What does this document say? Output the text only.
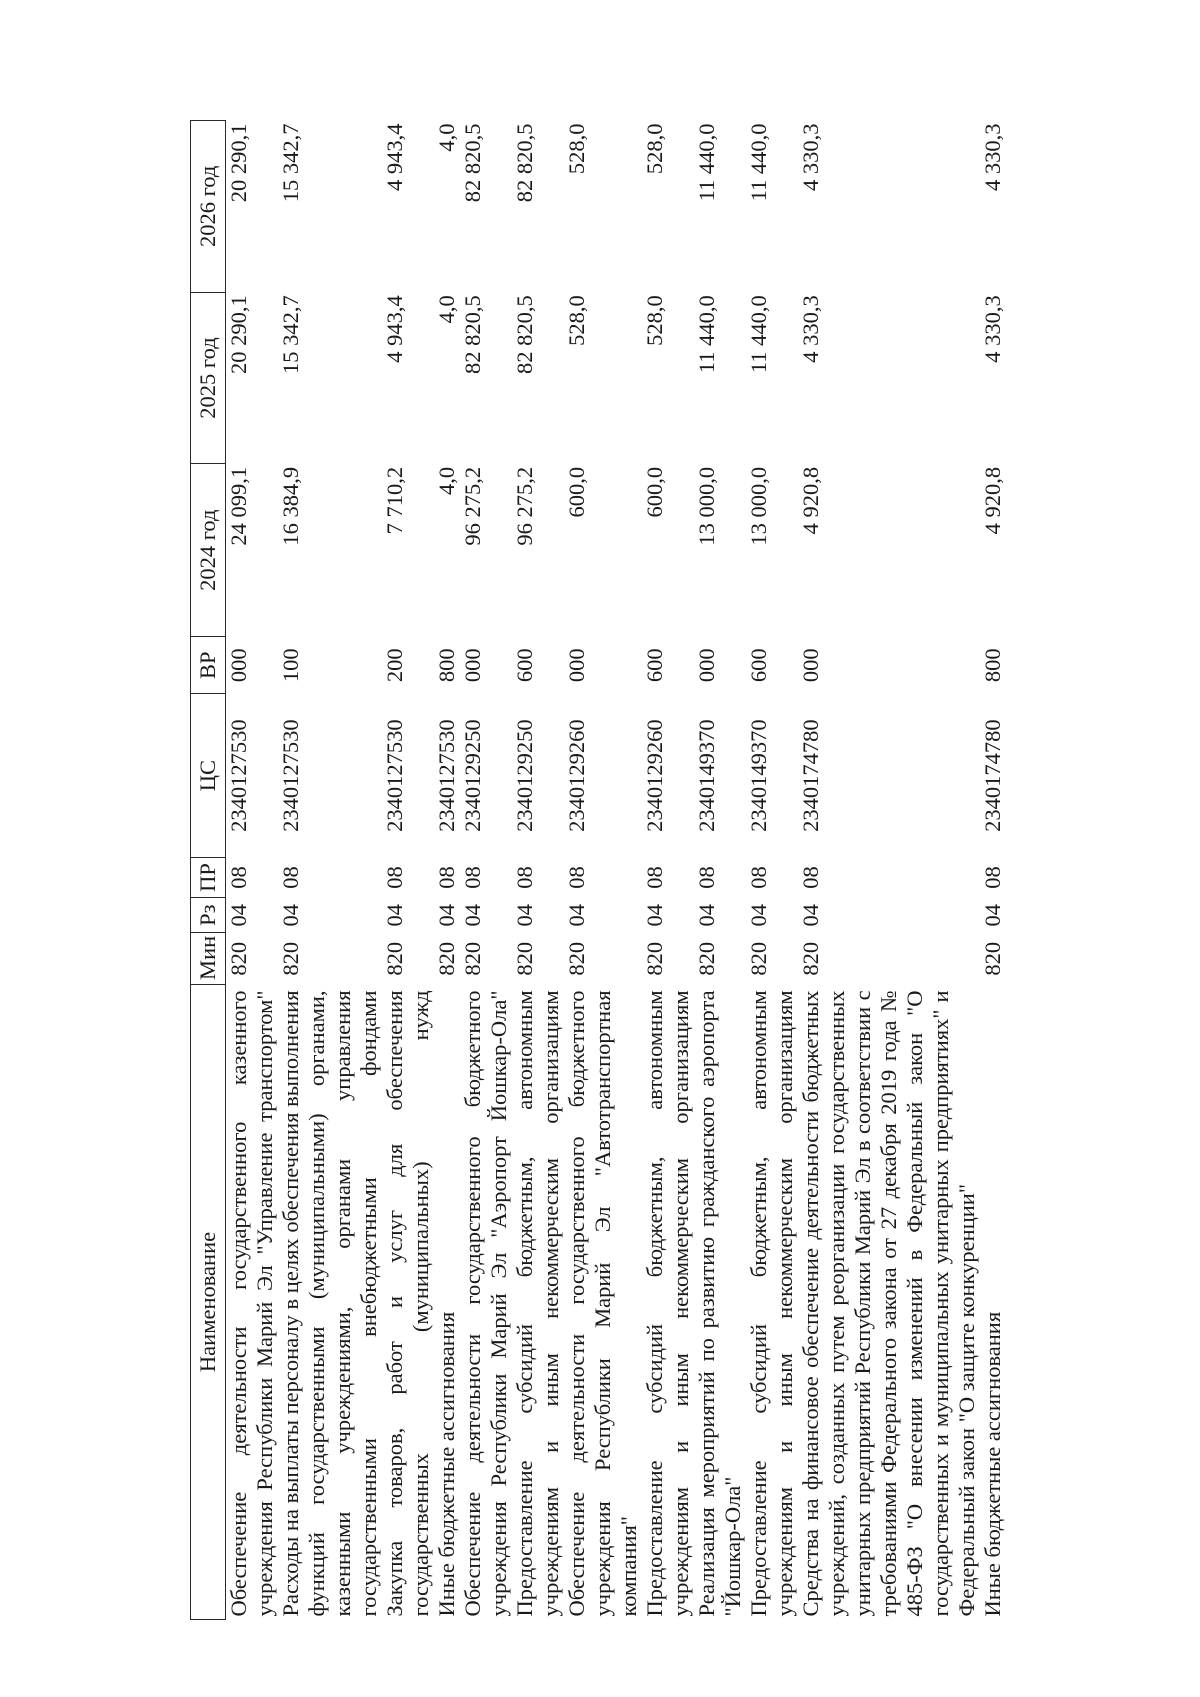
Наименование	Мин	Рз	ПР	ЦС	ВР	2024 год	2025 год	2026 год
Обеспечение деятельности государственного казенного учреждения Республики Марий Эл "Управление транспортом"	820	04	08	2340127530	000	24 099,1	20 290,1	20 290,1
Расходы на выплаты персоналу в целях обеспечения выполнения функций государственными (муниципальными) органами, казенными учреждениями, органами управления государственными внебюджетными фондами	820	04	08	2340127530	100	16 384,9	15 342,7	15 342,7
Закупка товаров, работ и услуг для обеспечения государственных (муниципальных) нужд	820	04	08	2340127530	200	7 710,2	4 943,4	4 943,4
Иные бюджетные ассигнования	820	04	08	2340127530	800	4,0	4,0	4,0
Обеспечение деятельности государственного бюджетного учреждения Республики Марий Эл "Аэропорт Йошкар-Ола"	820	04	08	2340129250	000	96 275,2	82 820,5	82 820,5
Предоставление субсидий бюджетным, автономным учреждениям и иным некоммерческим организациям	820	04	08	2340129250	600	96 275,2	82 820,5	82 820,5
Обеспечение деятельности государственного бюджетного учреждения Республики Марий Эл "Автотранспортная компания"	820	04	08	2340129260	000	600,0	528,0	528,0
Предоставление субсидий бюджетным, автономным учреждениям и иным некоммерческим организациям	820	04	08	2340129260	600	600,0	528,0	528,0
Реализация мероприятий по развитию гражданского аэропорта "Йошкар-Ола"	820	04	08	2340149370	000	13 000,0	11 440,0	11 440,0
Предоставление субсидий бюджетным, автономным учреждениям и иным некоммерческим организациям	820	04	08	2340149370	600	13 000,0	11 440,0	11 440,0
Средства на финансовое обеспечение деятельности бюджетных учреждений, созданных путем реорганизации государственных унитарных предприятий Республики Марий Эл в соответствии с требованиями Федерального закона от 27 декабря 2019 года № 485-ФЗ "О внесении изменений в Федеральный закон "О государственных и муниципальных унитарных предприятиях" и Федеральный закон "О защите конкуренции"	820	04	08	2340174780	000	4 920,8	4 330,3	4 330,3
Иные бюджетные ассигнования	820	04	08	2340174780	800	4 920,8	4 330,3	4 330,3
